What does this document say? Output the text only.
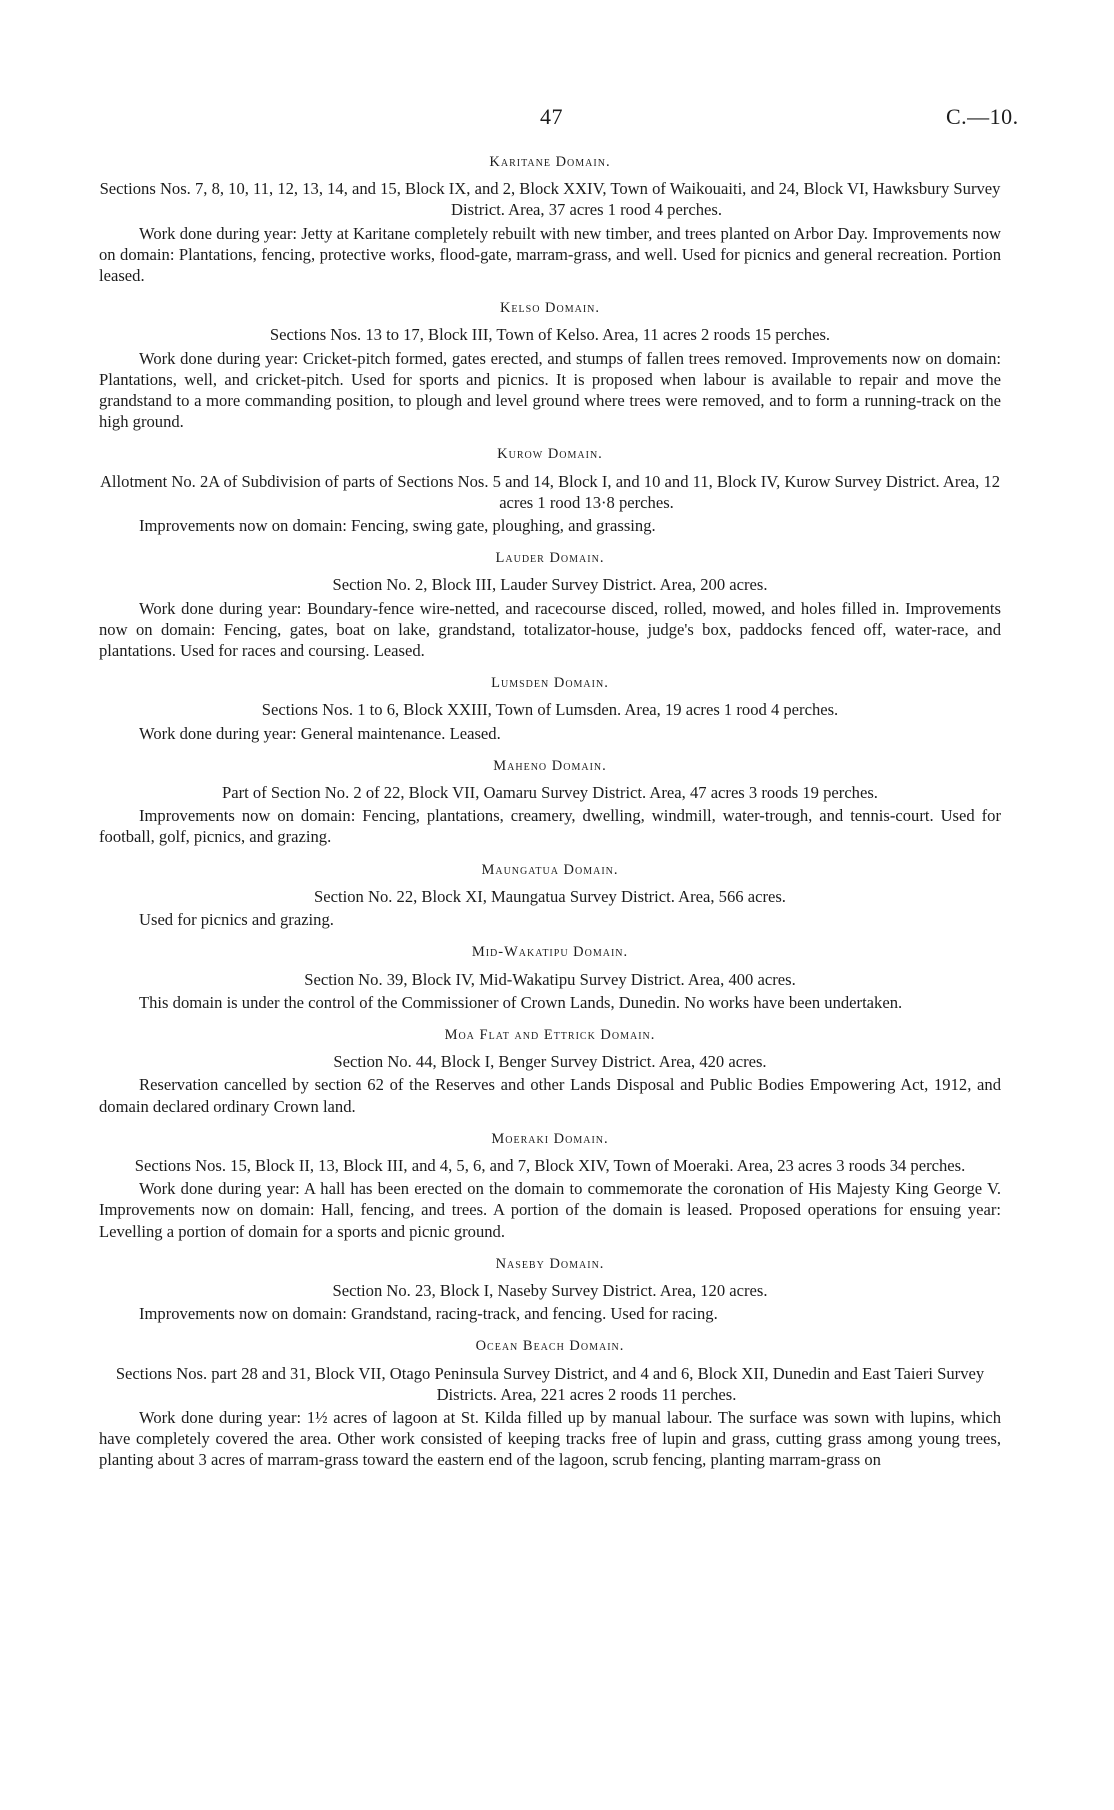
47	C.—10.
Karitane Domain.
Sections Nos. 7, 8, 10, 11, 12, 13, 14, and 15, Block IX, and 2, Block XXIV, Town of Waikouaiti, and 24, Block VI, Hawksbury Survey District. Area, 37 acres 1 rood 4 perches.
Work done during year: Jetty at Karitane completely rebuilt with new timber, and trees planted on Arbor Day. Improvements now on domain: Plantations, fencing, protective works, flood-gate, marram-grass, and well. Used for picnics and general recreation. Portion leased.
Kelso Domain.
Sections Nos. 13 to 17, Block III, Town of Kelso. Area, 11 acres 2 roods 15 perches.
Work done during year: Cricket-pitch formed, gates erected, and stumps of fallen trees removed. Improvements now on domain: Plantations, well, and cricket-pitch. Used for sports and picnics. It is proposed when labour is available to repair and move the grandstand to a more commanding position, to plough and level ground where trees were removed, and to form a running-track on the high ground.
Kurow Domain.
Allotment No. 2A of Subdivision of parts of Sections Nos. 5 and 14, Block I, and 10 and 11, Block IV, Kurow Survey District. Area, 12 acres 1 rood 13·8 perches.
Improvements now on domain: Fencing, swing gate, ploughing, and grassing.
Lauder Domain.
Section No. 2, Block III, Lauder Survey District. Area, 200 acres.
Work done during year: Boundary-fence wire-netted, and racecourse disced, rolled, mowed, and holes filled in. Improvements now on domain: Fencing, gates, boat on lake, grandstand, totalizator-house, judge's box, paddocks fenced off, water-race, and plantations. Used for races and coursing. Leased.
Lumsden Domain.
Sections Nos. 1 to 6, Block XXIII, Town of Lumsden. Area, 19 acres 1 rood 4 perches.
Work done during year: General maintenance. Leased.
Maheno Domain.
Part of Section No. 2 of 22, Block VII, Oamaru Survey District. Area, 47 acres 3 roods 19 perches.
Improvements now on domain: Fencing, plantations, creamery, dwelling, windmill, water-trough, and tennis-court. Used for football, golf, picnics, and grazing.
Maungatua Domain.
Section No. 22, Block XI, Maungatua Survey District. Area, 566 acres.
Used for picnics and grazing.
Mid-Wakatipu Domain.
Section No. 39, Block IV, Mid-Wakatipu Survey District. Area, 400 acres.
This domain is under the control of the Commissioner of Crown Lands, Dunedin. No works have been undertaken.
Moa Flat and Ettrick Domain.
Section No. 44, Block I, Benger Survey District. Area, 420 acres.
Reservation cancelled by section 62 of the Reserves and other Lands Disposal and Public Bodies Empowering Act, 1912, and domain declared ordinary Crown land.
Moeraki Domain.
Sections Nos. 15, Block II, 13, Block III, and 4, 5, 6, and 7, Block XIV, Town of Moeraki. Area, 23 acres 3 roods 34 perches.
Work done during year: A hall has been erected on the domain to commemorate the coronation of His Majesty King George V. Improvements now on domain: Hall, fencing, and trees. A portion of the domain is leased. Proposed operations for ensuing year: Levelling a portion of domain for a sports and picnic ground.
Naseby Domain.
Section No. 23, Block I, Naseby Survey District. Area, 120 acres.
Improvements now on domain: Grandstand, racing-track, and fencing. Used for racing.
Ocean Beach Domain.
Sections Nos. part 28 and 31, Block VII, Otago Peninsula Survey District, and 4 and 6, Block XII, Dunedin and East Taieri Survey Districts. Area, 221 acres 2 roods 11 perches.
Work done during year: 1½ acres of lagoon at St. Kilda filled up by manual labour. The surface was sown with lupins, which have completely covered the area. Other work consisted of keeping tracks free of lupin and grass, cutting grass among young trees, planting about 3 acres of marram-grass toward the eastern end of the lagoon, scrub fencing, planting marram-grass on
